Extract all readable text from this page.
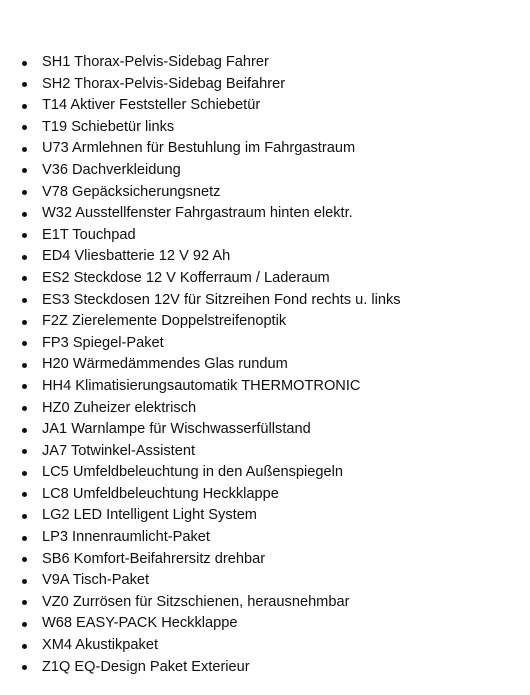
SH1 Thorax-Pelvis-Sidebag Fahrer
SH2 Thorax-Pelvis-Sidebag Beifahrer
T14 Aktiver Feststeller Schiebetür
T19 Schiebetür links
U73 Armlehnen für Bestuhlung im Fahrgastraum
V36 Dachverkleidung
V78 Gepäcksicherungsnetz
W32 Ausstellfenster Fahrgastraum hinten elektr.
E1T Touchpad
ED4 Vliesbatterie 12 V 92 Ah
ES2 Steckdose 12 V Kofferraum / Laderaum
ES3 Steckdosen 12V für Sitzreihen Fond rechts u. links
F2Z Zierelemente Doppelstreifenoptik
FP3 Spiegel-Paket
H20 Wärmedämmendes Glas rundum
HH4 Klimatisierungsautomatik THERMOTRONIC
HZ0 Zuheizer elektrisch
JA1 Warnlampe für Wischwasserfüllstand
JA7 Totwinkel-Assistent
LC5 Umfeldbeleuchtung in den Außenspiegeln
LC8 Umfeldbeleuchtung Heckklappe
LG2 LED Intelligent Light System
LP3 Innenraumlicht-Paket
SB6 Komfort-Beifahrersitz drehbar
V9A Tisch-Paket
VZ0 Zurrösen für Sitzschienen, herausnehmbar
W68 EASY-PACK Heckklappe
XM4 Akustikpaket
Z1Q EQ-Design Paket Exterieur
